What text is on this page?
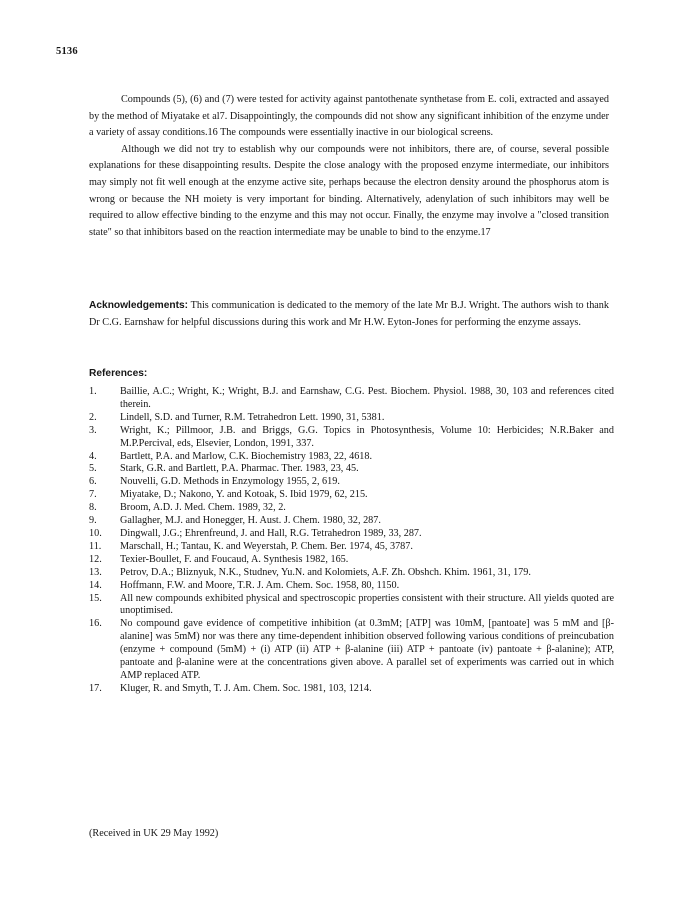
5136

Compounds (5), (6) and (7) were tested for activity against pantothenate synthetase from E. coli, extracted and assayed by the method of Miyatake et al7. Disappointingly, the compounds did not show any significant inhibition of the enzyme under a variety of assay conditions.16 The compounds were essentially inactive in our biological screens.

Although we did not try to establish why our compounds were not inhibitors, there are, of course, several possible explanations for these disappointing results. Despite the close analogy with the proposed enzyme intermediate, our inhibitors may simply not fit well enough at the enzyme active site, perhaps because the electron density around the phosphorus atom is wrong or because the NH moiety is very important for binding. Alternatively, adenylation of such inhibitors may well be required to allow effective binding to the enzyme and this may not occur. Finally, the enzyme may involve a "closed transition state" so that inhibitors based on the reaction intermediate may be unable to bind to the enzyme.17

Acknowledgements: This communication is dedicated to the memory of the late Mr B.J. Wright. The authors wish to thank Dr C.G. Earnshaw for helpful discussions during this work and Mr H.W. Eyton-Jones for performing the enzyme assays.
References:
1.	Baillie, A.C.; Wright, K.; Wright, B.J. and Earnshaw, C.G. Pest. Biochem. Physiol. 1988, 30, 103 and references cited therein.
2.	Lindell, S.D. and Turner, R.M. Tetrahedron Lett. 1990, 31, 5381.
3.	Wright, K.; Pillmoor, J.B. and Briggs, G.G. Topics in Photosynthesis, Volume 10: Herbicides; N.R.Baker and M.P.Percival, eds, Elsevier, London, 1991, 337.
4.	Bartlett, P.A. and Marlow, C.K. Biochemistry 1983, 22, 4618.
5.	Stark, G.R. and Bartlett, P.A. Pharmac. Ther. 1983, 23, 45.
6.	Nouvelli, G.D. Methods in Enzymology 1955, 2, 619.
7.	Miyatake, D.; Nakono, Y. and Kotoak, S. Ibid 1979, 62, 215.
8.	Broom, A.D. J. Med. Chem. 1989, 32, 2.
9.	Gallagher, M.J. and Honegger, H. Aust. J. Chem. 1980, 32, 287.
10.	Dingwall, J.G.; Ehrenfreund, J. and Hall, R.G. Tetrahedron 1989, 33, 287.
11.	Marschall, H.; Tantau, K. and Weyerstah, P. Chem. Ber. 1974, 45, 3787.
12.	Texier-Boullet, F. and Foucaud, A. Synthesis 1982, 165.
13.	Petrov, D.A.; Bliznyuk, N.K., Studnev, Yu.N. and Kolomiets, A.F. Zh. Obshch. Khim. 1961, 31, 179.
14.	Hoffmann, F.W. and Moore, T.R. J. Am. Chem. Soc. 1958, 80, 1150.
15.	All new compounds exhibited physical and spectroscopic properties consistent with their structure. All yields quoted are unoptimised.
16.	No compound gave evidence of competitive inhibition (at 0.3mM; [ATP] was 10mM, [pantoate] was 5 mM and [β-alanine] was 5mM) nor was there any time-dependent inhibition observed following various conditions of preincubation (enzyme + compound (5mM) + (i) ATP (ii) ATP + β-alanine (iii) ATP + pantoate (iv) pantoate + β-alanine); ATP, pantoate and β-alanine were at the concentrations given above. A parallel set of experiments was carried out in which AMP replaced ATP.
17.	Kluger, R. and Smyth, T. J. Am. Chem. Soc. 1981, 103, 1214.
(Received in UK 29 May 1992)
